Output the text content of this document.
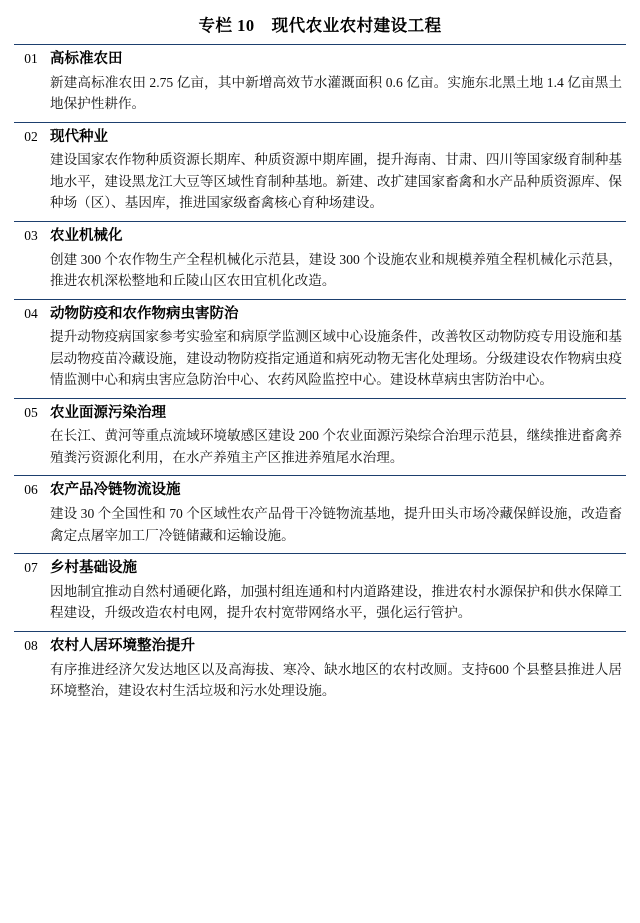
专栏 10　现代农业农村建设工程
01	高标准农田
新建高标准农田 2.75 亿亩，其中新增高效节水灌溉面积 0.6 亿亩。实施东北黑土地 1.4 亿亩黑土地保护性耕作。

02	现代种业
建设国家农作物种质资源长期库、种质资源中期库圃，提升海南、甘肃、四川等国家级育制种基地水平，建设黑龙江大豆等区域性育制种基地。新建、改扩建国家畜禽和水产品种质资源库、保种场（区）、基因库，推进国家级畜禽核心育种场建设。

03	农业机械化
创建 300 个农作物生产全程机械化示范县，建设 300 个设施农业和规模养殖全程机械化示范县，推进农机深松整地和丘陵山区农田宜机化改造。

04	动物防疫和农作物病虫害防治
提升动物疫病国家参考实验室和病原学监测区域中心设施条件，改善牧区动物防疫专用设施和基层动物疫苗冷藏设施，建设动物防疫指定通道和病死动物无害化处理场。分级建设农作物病虫疫情监测中心和病虫害应急防治中心、农药风险监控中心。建设林草病虫害防治中心。

05	农业面源污染治理
在长江、黄河等重点流域环境敏感区建设 200 个农业面源污染综合治理示范县，继续推进畜禽养殖粪污资源化利用，在水产养殖主产区推进养殖尾水治理。

06	农产品冷链物流设施
建设 30 个全国性和 70 个区域性农产品骨干冷链物流基地，提升田头市场冷藏保鲜设施，改造畜禽定点屠宰加工厂冷链储藏和运输设施。

07	乡村基础设施
因地制宜推动自然村通硬化路，加强村组连通和村内道路建设，推进农村水源保护和供水保障工程建设，升级改造农村电网，提升农村宽带网络水平，强化运行管护。

08	农村人居环境整治提升
有序推进经济欠发达地区以及高海拔、寒冷、缺水地区的农村改厕。支持600 个县整县推进人居环境整治，建设农村生活垃圾和污水处理设施。
